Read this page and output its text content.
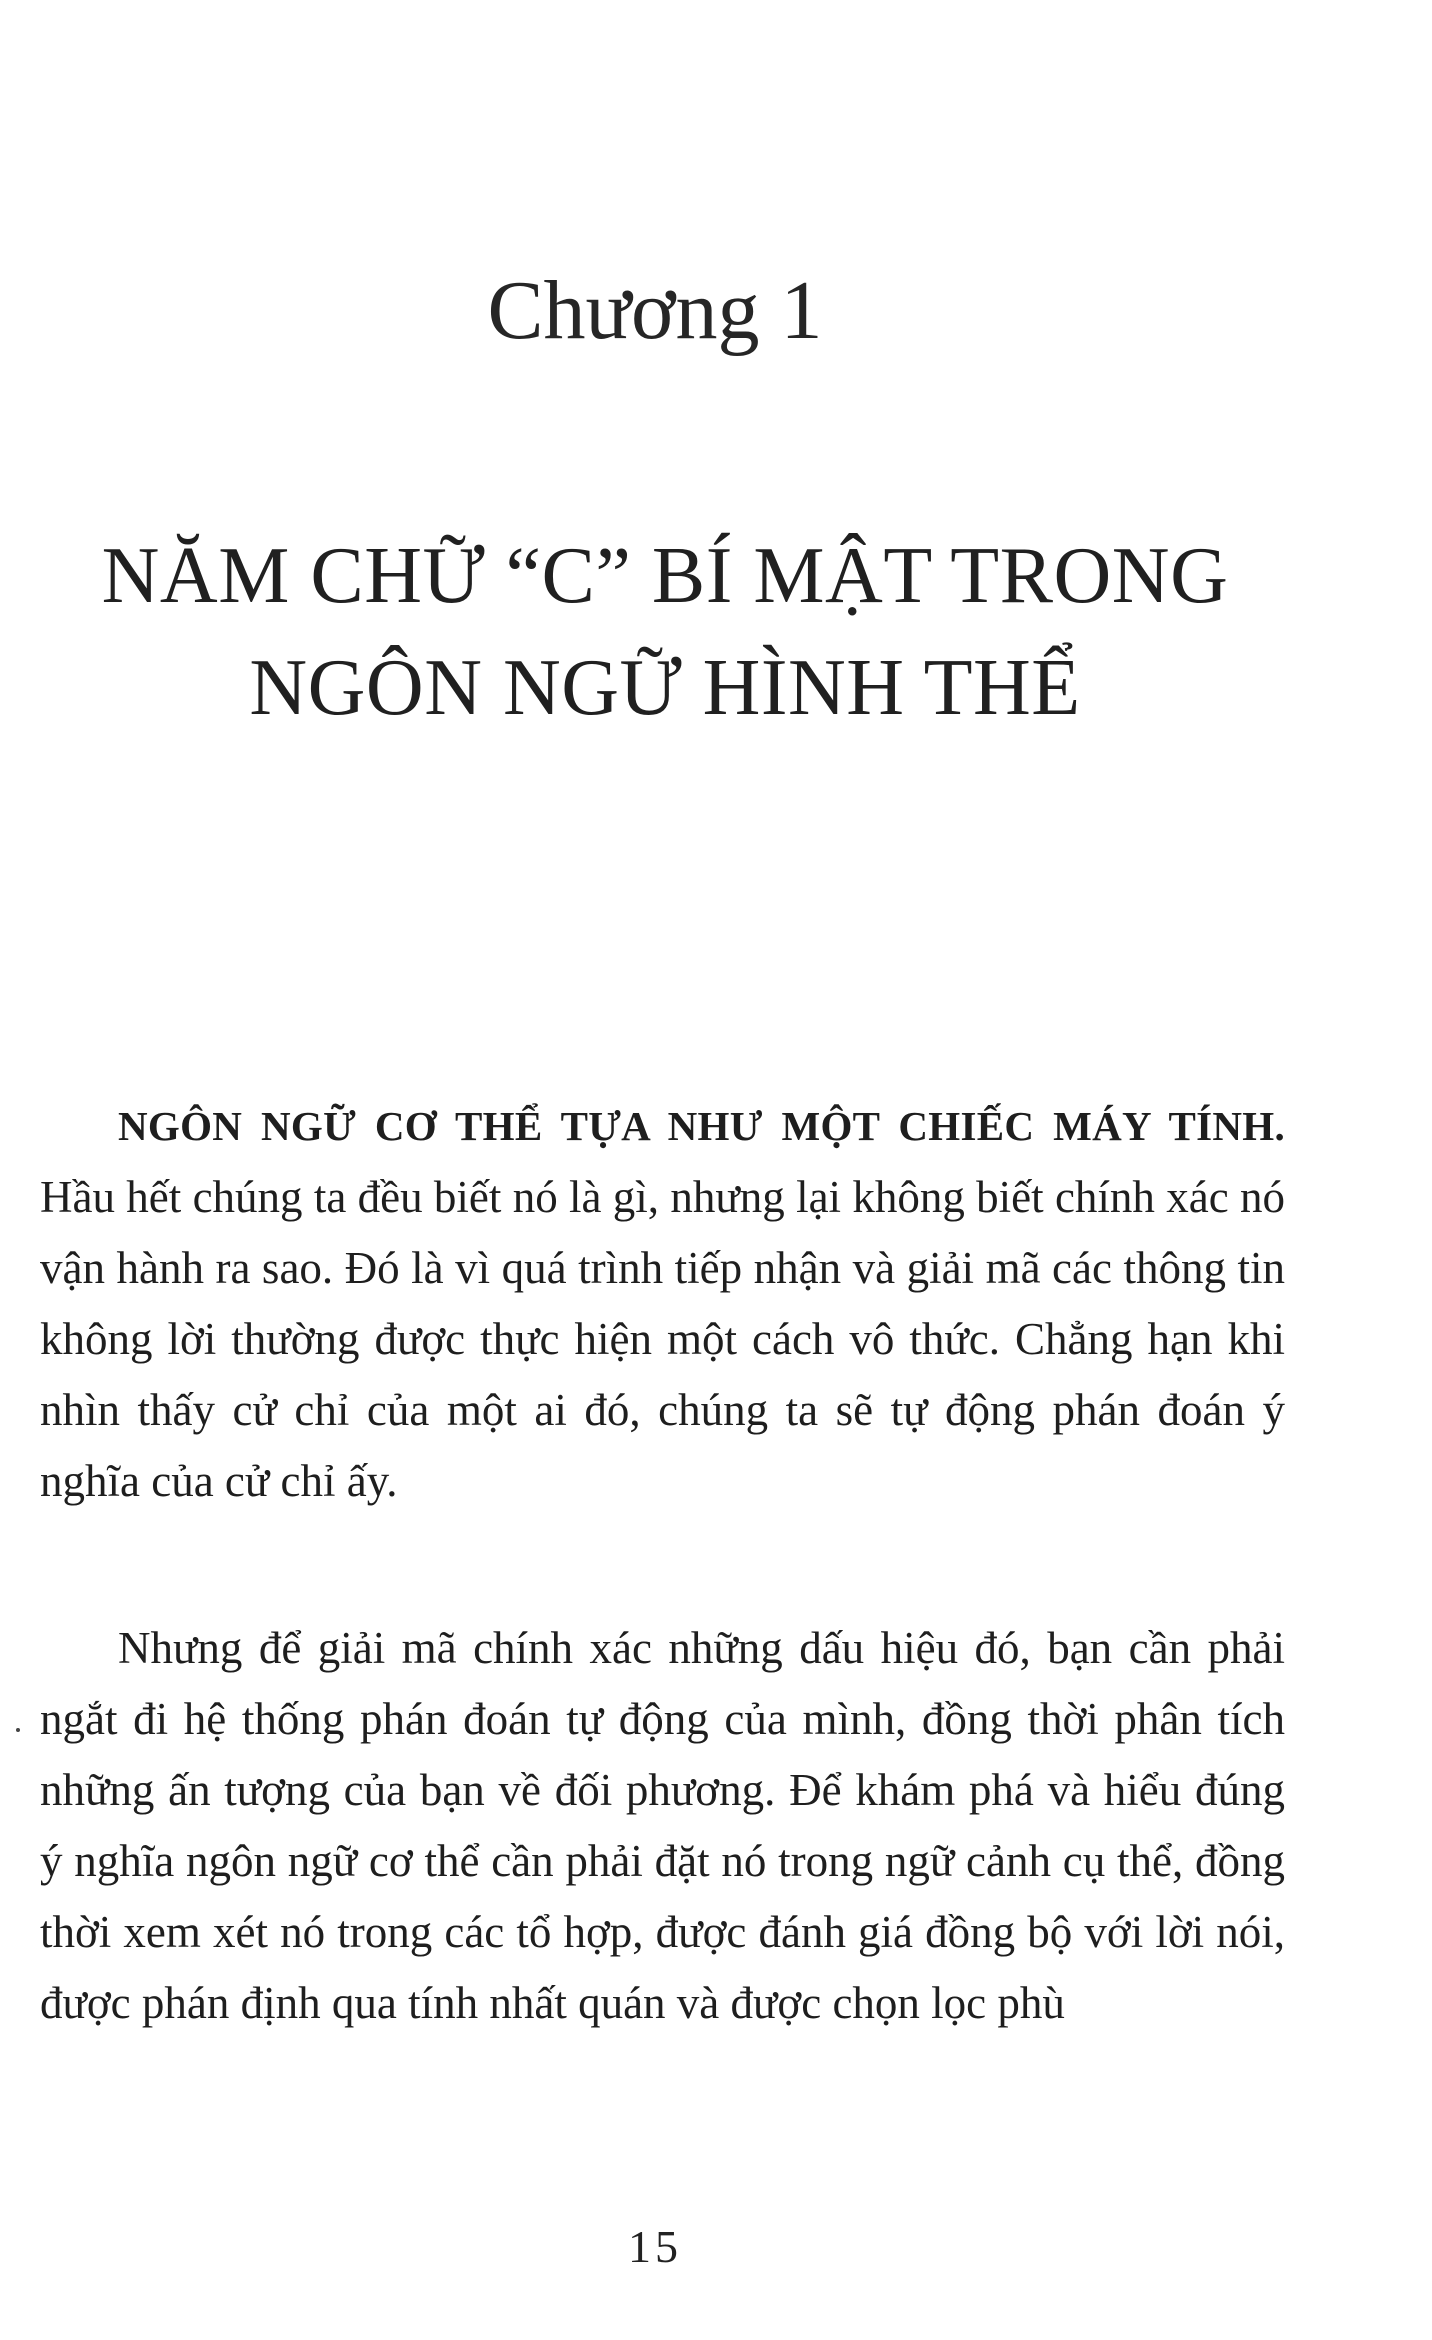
Chương 1
NĂM CHỮ “C” BÍ MẬT TRONG
NGÔN NGỮ HÌNH THỂ

NGÔN NGỮ CƠ THỂ TỰA NHƯ MỘT CHIẾC MÁY TÍNH. Hầu hết chúng ta đều biết nó là gì, nhưng lại không biết chính xác nó vận hành ra sao. Đó là vì quá trình tiếp nhận và giải mã các thông tin không lời thường được thực hiện một cách vô thức. Chẳng hạn khi nhìn thấy cử chỉ của một ai đó, chúng ta sẽ tự động phán đoán ý nghĩa của cử chỉ ấy.

Nhưng để giải mã chính xác những dấu hiệu đó, bạn cần phải ngắt đi hệ thống phán đoán tự động của mình, đồng thời phân tích những ấn tượng của bạn về đối phương. Để khám phá và hiểu đúng ý nghĩa ngôn ngữ cơ thể cần phải đặt nó trong ngữ cảnh cụ thể, đồng thời xem xét nó trong các tổ hợp, được đánh giá đồng bộ với lời nói, được phán định qua tính nhất quán và được chọn lọc phù

15
